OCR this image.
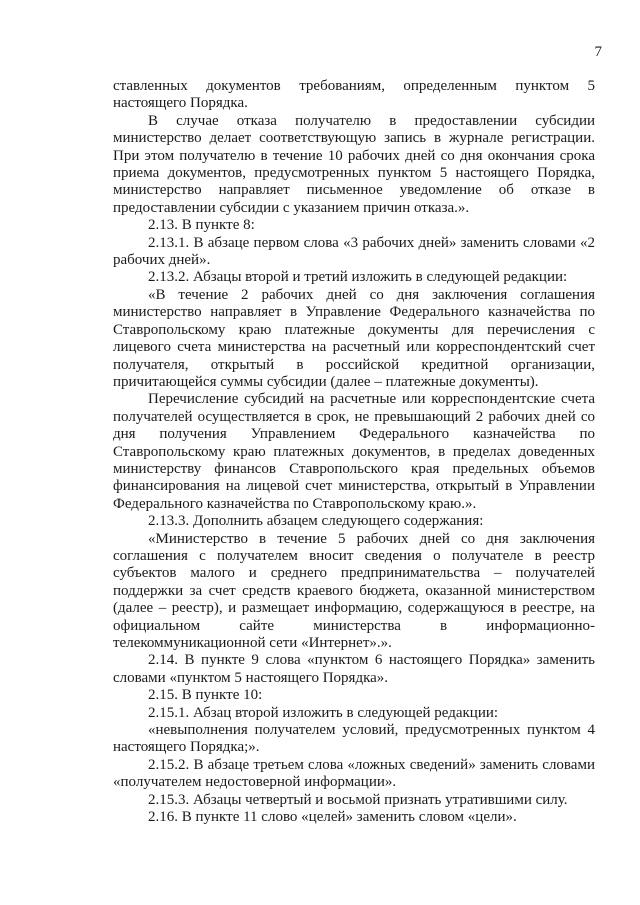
7

ставленных документов требованиям, определенным пунктом 5 настоящего Порядка.

В случае отказа получателю в предоставлении субсидии министерство делает соответствующую запись в журнале регистрации. При этом получателю в течение 10 рабочих дней со дня окончания срока приема документов, предусмотренных пунктом 5 настоящего Порядка, министерство направляет письменное уведомление об отказе в предоставлении субсидии с указанием причин отказа.».

2.13. В пункте 8:

2.13.1. В абзаце первом слова «3 рабочих дней» заменить словами «2 рабочих дней».

2.13.2. Абзацы второй и третий изложить в следующей редакции:

«В течение 2 рабочих дней со дня заключения соглашения министерство направляет в Управление Федерального казначейства по Ставропольскому краю платежные документы для перечисления с лицевого счета министерства на расчетный или корреспондентский счет получателя, открытый в российской кредитной организации, причитающейся суммы субсидии (далее – платежные документы).

Перечисление субсидий на расчетные или корреспондентские счета получателей осуществляется в срок, не превышающий 2 рабочих дней со дня получения Управлением Федерального казначейства по Ставропольскому краю платежных документов, в пределах доведенных министерству финансов Ставропольского края предельных объемов финансирования на лицевой счет министерства, открытый в Управлении Федерального казначейства по Ставропольскому краю.».

2.13.3. Дополнить абзацем следующего содержания:

«Министерство в течение 5 рабочих дней со дня заключения соглашения с получателем вносит сведения о получателе в реестр субъектов малого и среднего предпринимательства – получателей поддержки за счет средств краевого бюджета, оказанной министерством (далее – реестр), и размещает информацию, содержащуюся в реестре, на официальном сайте министерства в информационно-телекоммуникационной сети «Интернет».».

2.14. В пункте 9 слова «пунктом 6 настоящего Порядка» заменить словами «пунктом 5 настоящего Порядка».

2.15. В пункте 10:

2.15.1. Абзац второй изложить в следующей редакции:

«невыполнения получателем условий, предусмотренных пунктом 4 настоящего Порядка;».

2.15.2. В абзаце третьем слова «ложных сведений» заменить словами «получателем недостоверной информации».

2.15.3. Абзацы четвертый и восьмой признать утратившими силу.

2.16. В пункте 11 слово «целей» заменить словом «цели».
